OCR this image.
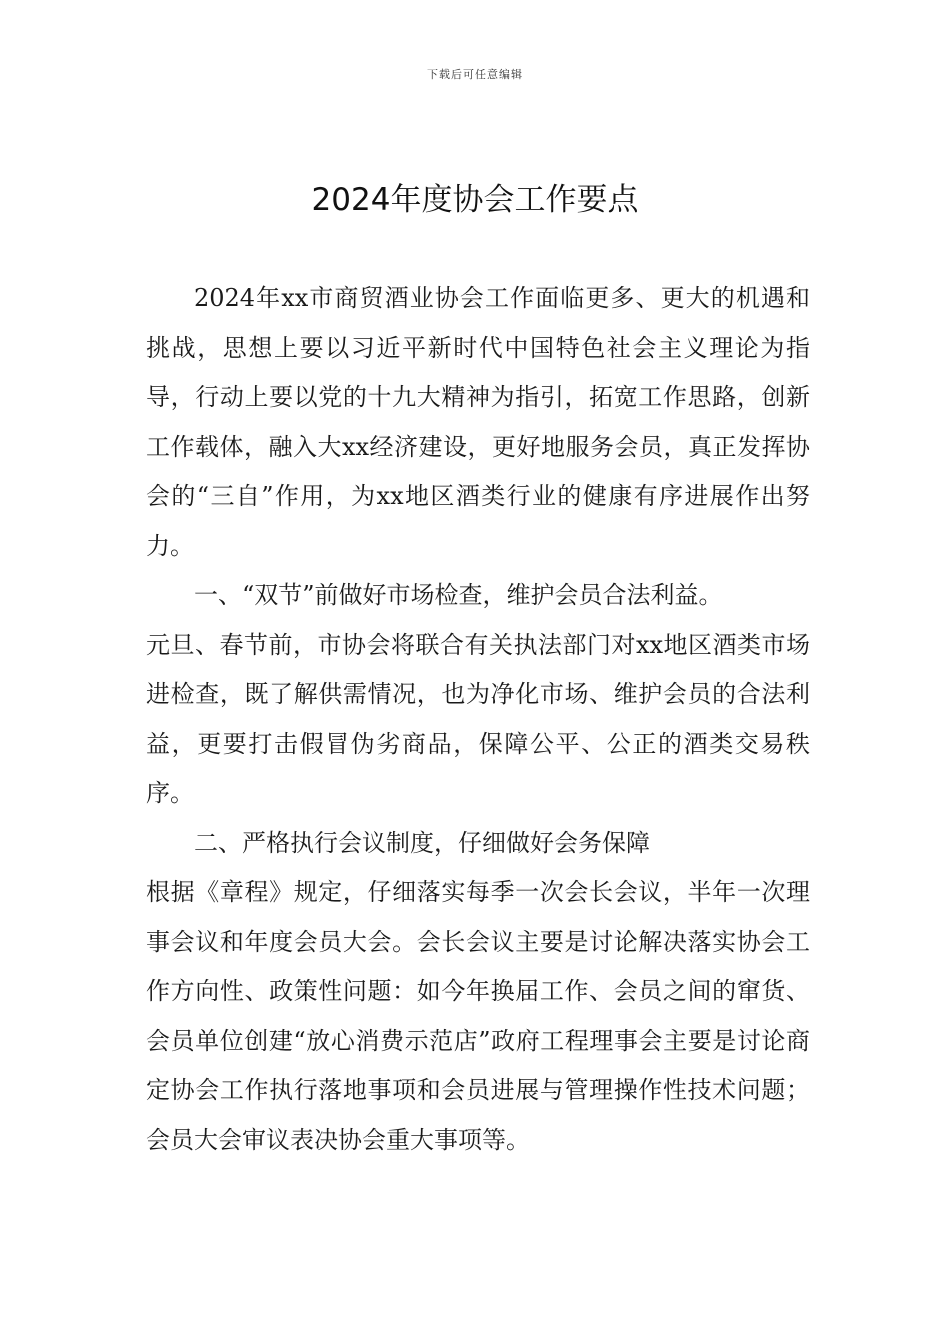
下载后可任意编辑
2024年度协会工作要点

2024年xx市商贸酒业协会工作面临更多、更大的机遇和挑战，思想上要以习近平新时代中国特色社会主义理论为指导，行动上要以党的十九大精神为指引，拓宽工作思路，创新工作载体，融入大xx经济建设，更好地服务会员，真正发挥协会的“三自”作用，为xx地区酒类行业的健康有序进展作出努力。

一、“双节”前做好市场检查，维护会员合法利益。

元旦、春节前，市协会将联合有关执法部门对xx地区酒类市场进检查，既了解供需情况，也为净化市场、维护会员的合法利益，更要打击假冒伪劣商品，保障公平、公正的酒类交易秩序。

二、严格执行会议制度，仔细做好会务保障

根据《章程》规定，仔细落实每季一次会长会议，半年一次理事会议和年度会员大会。会长会议主要是讨论解决落实协会工作方向性、政策性问题：如今年换届工作、会员之间的窜货、会员单位创建“放心消费示范店”政府工程理事会主要是讨论商定协会工作执行落地事项和会员进展与管理操作性技术问题；会员大会审议表决协会重大事项等。
